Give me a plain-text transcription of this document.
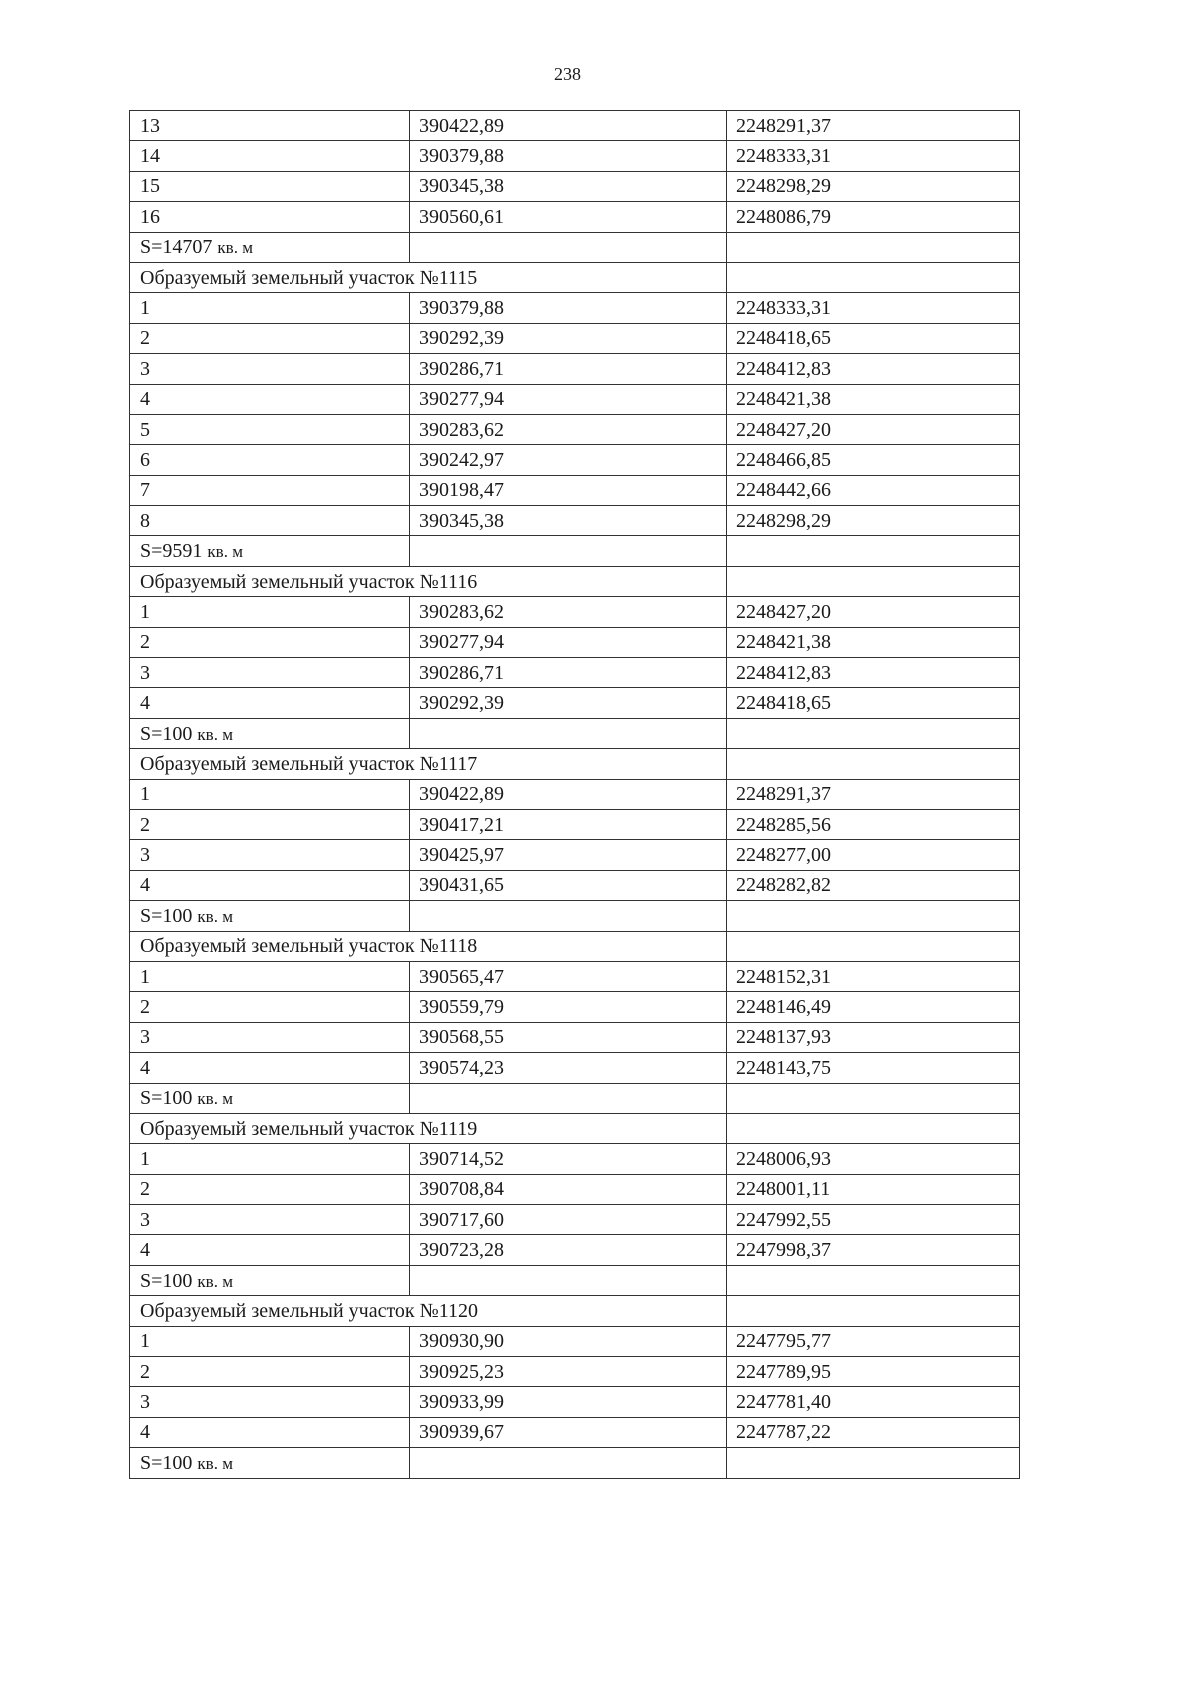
238
13	390422,89	2248291,37
14	390379,88	2248333,31
15	390345,38	2248298,29
16	390560,61	2248086,79
S=14707 кв. м		
Образуемый земельный участок №1115		
1	390379,88	2248333,31
2	390292,39	2248418,65
3	390286,71	2248412,83
4	390277,94	2248421,38
5	390283,62	2248427,20
6	390242,97	2248466,85
7	390198,47	2248442,66
8	390345,38	2248298,29
S=9591 кв. м		
Образуемый земельный участок №1116		
1	390283,62	2248427,20
2	390277,94	2248421,38
3	390286,71	2248412,83
4	390292,39	2248418,65
S=100 кв. м		
Образуемый земельный участок №1117		
1	390422,89	2248291,37
2	390417,21	2248285,56
3	390425,97	2248277,00
4	390431,65	2248282,82
S=100 кв. м		
Образуемый земельный участок №1118		
1	390565,47	2248152,31
2	390559,79	2248146,49
3	390568,55	2248137,93
4	390574,23	2248143,75
S=100 кв. м		
Образуемый земельный участок №1119		
1	390714,52	2248006,93
2	390708,84	2248001,11
3	390717,60	2247992,55
4	390723,28	2247998,37
S=100 кв. м		
Образуемый земельный участок №1120		
1	390930,90	2247795,77
2	390925,23	2247789,95
3	390933,99	2247781,40
4	390939,67	2247787,22
S=100 кв. м		
